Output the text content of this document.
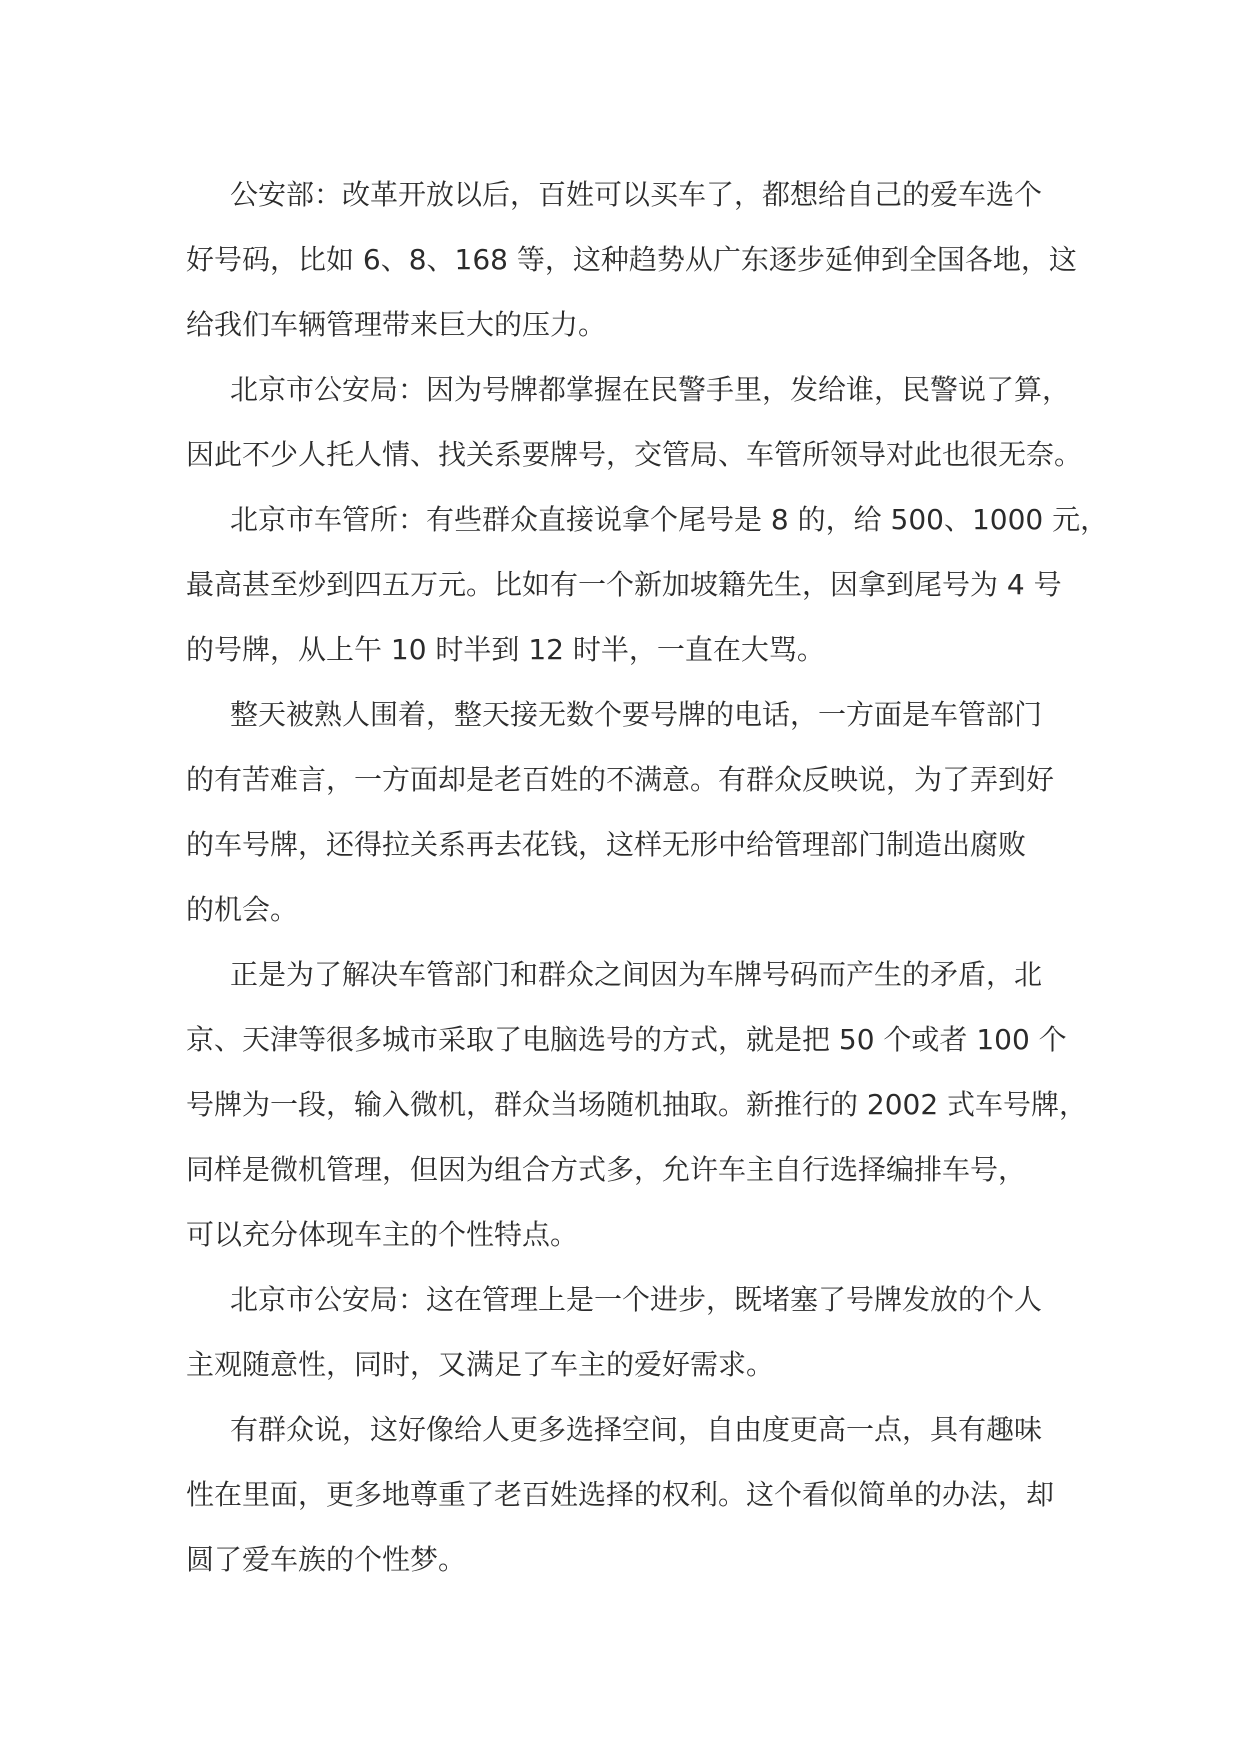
公安部：改革开放以后，百姓可以买车了，都想给自己的爱车选个
好号码，比如 6、8、168 等，这种趋势从广东逐步延伸到全国各地，这
给我们车辆管理带来巨大的压力。
北京市公安局：因为号牌都掌握在民警手里，发给谁，民警说了算，
因此不少人托人情、找关系要牌号，交管局、车管所领导对此也很无奈。
北京市车管所：有些群众直接说拿个尾号是 8 的，给 500、1000 元，
最高甚至炒到四五万元。比如有一个新加坡籍先生，因拿到尾号为 4 号
的号牌，从上午 10 时半到 12 时半，一直在大骂。
整天被熟人围着，整天接无数个要号牌的电话，一方面是车管部门
的有苦难言，一方面却是老百姓的不满意。有群众反映说，为了弄到好
的车号牌，还得拉关系再去花钱，这样无形中给管理部门制造出腐败
的机会。
正是为了解决车管部门和群众之间因为车牌号码而产生的矛盾，北
京、天津等很多城市采取了电脑选号的方式，就是把 50 个或者 100 个
号牌为一段，输入微机，群众当场随机抽取。新推行的 2002 式车号牌，
同样是微机管理，但因为组合方式多，允许车主自行选择编排车号，
可以充分体现车主的个性特点。
北京市公安局：这在管理上是一个进步，既堵塞了号牌发放的个人
主观随意性，同时，又满足了车主的爱好需求。
有群众说，这好像给人更多选择空间，自由度更高一点，具有趣味
性在里面，更多地尊重了老百姓选择的权利。这个看似简单的办法，却
圆了爱车族的个性梦。
